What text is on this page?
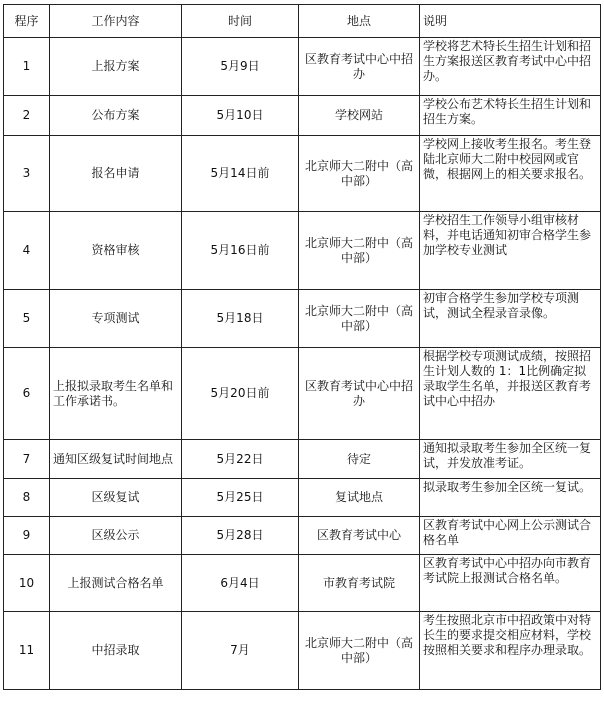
程序	工作内容	时间	地点	说明
1	上报方案	5月9日	区教育考试中心中招办	学校将艺术特长生招生计划和招生方案报送区教育考试中心中招办。
2	公布方案	5月10日	学校网站	学校公布艺术特长生招生计划和招生方案。
3	报名申请	5月14日前	北京师大二附中（高中部）	学校网上接收考生报名。考生登陆北京师大二附中校园网或官微，根据网上的相关要求报名。
4	资格审核	5月16日前	北京师大二附中（高中部）	学校招生工作领导小组审核材料，并电话通知初审合格学生参加学校专业测试
5	专项测试	5月18日	北京师大二附中（高中部）	初审合格学生参加学校专项测试，测试全程录音录像。
6	上报拟录取考生名单和工作承诺书。	5月20日前	区教育考试中心中招办	根据学校专项测试成绩，按照招生计划人数的 1：1比例确定拟录取学生名单，并报送区教育考试中心中招办
7	通知区级复试时间地点	5月22日	待定	通知拟录取考生参加全区统一复试，并发放准考证。
8	区级复试	5月25日	复试地点	拟录取考生参加全区统一复试。
9	区级公示	5月28日	区教育考试中心	区教育考试中心网上公示测试合格名单
10	上报测试合格名单	6月4日	市教育考试院	区教育考试中心中招办向市教育考试院上报测试合格名单。
11	中招录取	7月	北京师大二附中（高中部）	考生按照北京市中招政策中对特长生的要求提交相应材料，学校按照相关要求和程序办理录取。
